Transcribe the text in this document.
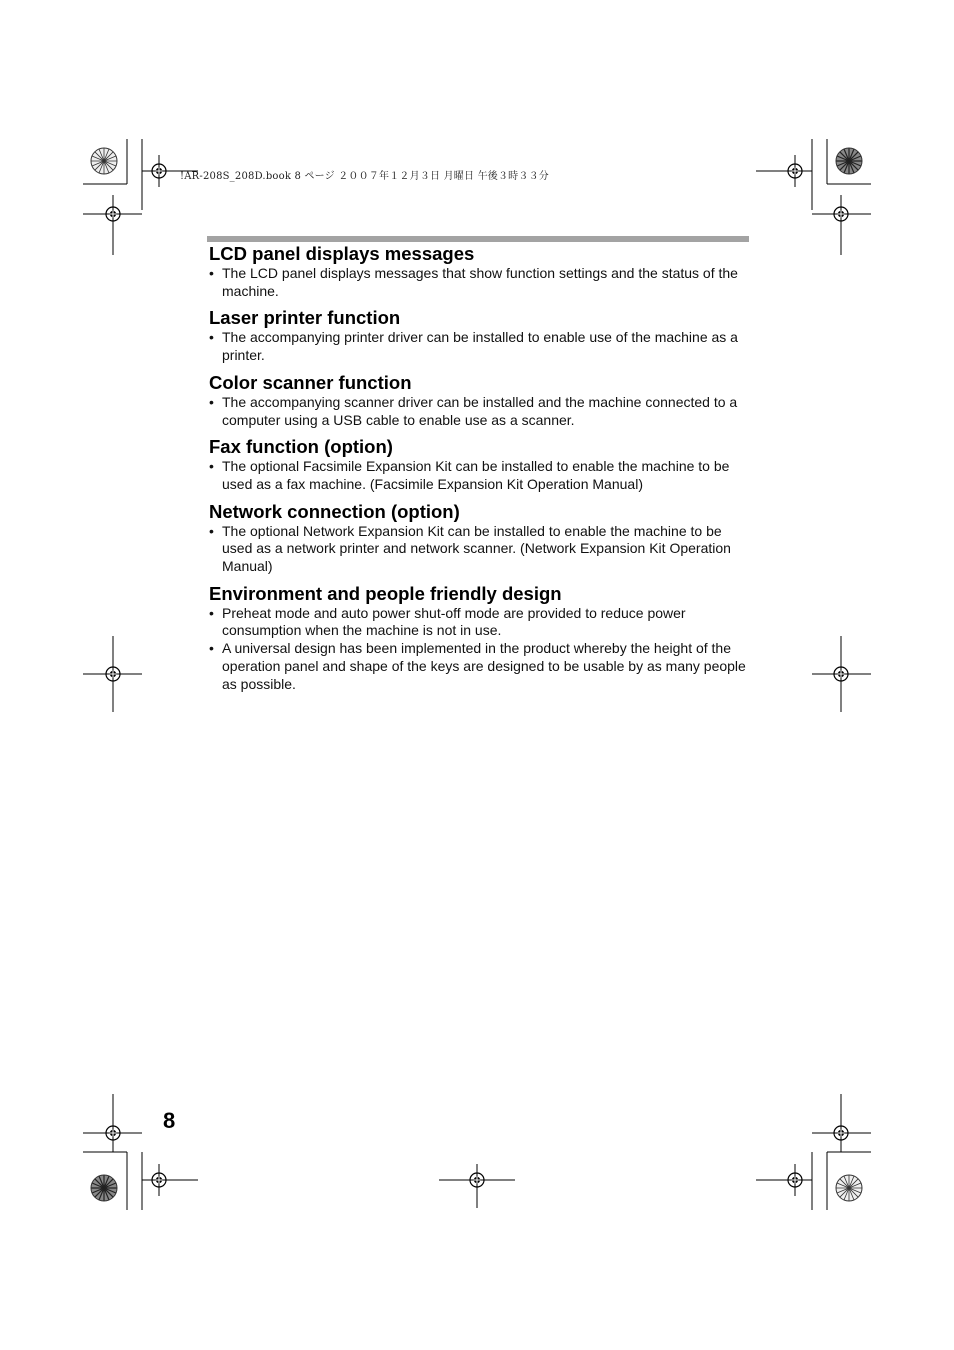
!AR-208S_208D.book 8 ページ ２００７年１２月３日 月曜日 午後３時３３分
LCD panel displays messages
• The LCD panel displays messages that show function settings and the status of the machine.
Laser printer function
• The accompanying printer driver can be installed to enable use of the machine as a printer.
Color scanner function
• The accompanying scanner driver can be installed and the machine connected to a computer using a USB cable to enable use as a scanner.
Fax function (option)
• The optional Facsimile Expansion Kit can be installed to enable the machine to be used as a fax machine. (Facsimile Expansion Kit Operation Manual)
Network connection (option)
• The optional Network Expansion Kit can be installed to enable the machine to be used as a network printer and network scanner. (Network Expansion Kit Operation Manual)
Environment and people friendly design
• Preheat mode and auto power shut-off mode are provided to reduce power consumption when the machine is not in use.
• A universal design has been implemented in the product whereby the height of the operation panel and shape of the keys are designed to be usable by as many people as possible.
8
